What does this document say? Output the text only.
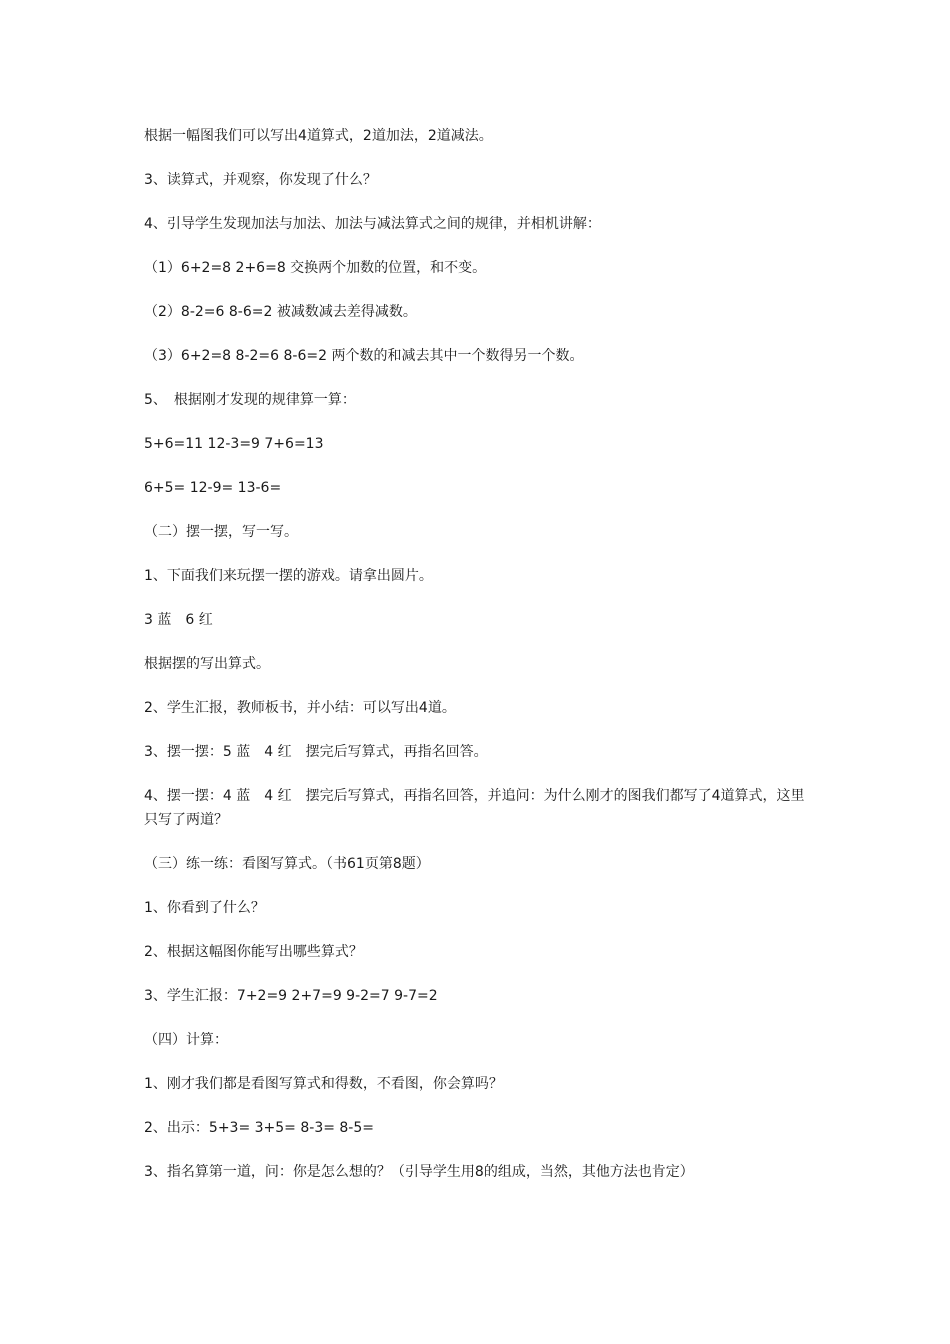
根据一幅图我们可以写出4道算式，2道加法，2道减法。

3、读算式，并观察，你发现了什么？

4、引导学生发现加法与加法、加法与减法算式之间的规律，并相机讲解：

（1）6+2=8 2+6=8 交换两个加数的位置，和不变。

（2）8-2=6 8-6=2 被减数减去差得减数。

（3）6+2=8 8-2=6 8-6=2 两个数的和减去其中一个数得另一个数。

5、　根据刚才发现的规律算一算：

5+6=11 12-3=9 7+6=13

6+5= 12-9= 13-6=

（二）摆一摆，写一写。

1、下面我们来玩摆一摆的游戏。请拿出圆片。

3 蓝　6 红

根据摆的写出算式。

2、学生汇报，教师板书，并小结：可以写出4道。

3、摆一摆：5 蓝　4 红　摆完后写算式，再指名回答。

4、摆一摆：4 蓝　4 红　摆完后写算式，再指名回答，并追问：为什么刚才的图我们都写了4道算式，这里只写了两道？

（三）练一练：看图写算式。（书61页第8题）

1、你看到了什么？

2、根据这幅图你能写出哪些算式？

3、学生汇报：7+2=9 2+7=9 9-2=7 9-7=2

（四）计算：

1、刚才我们都是看图写算式和得数，不看图，你会算吗？

2、出示：5+3= 3+5= 8-3= 8-5=

3、指名算第一道，问：你是怎么想的？（引导学生用8的组成，当然，其他方法也肯定）
